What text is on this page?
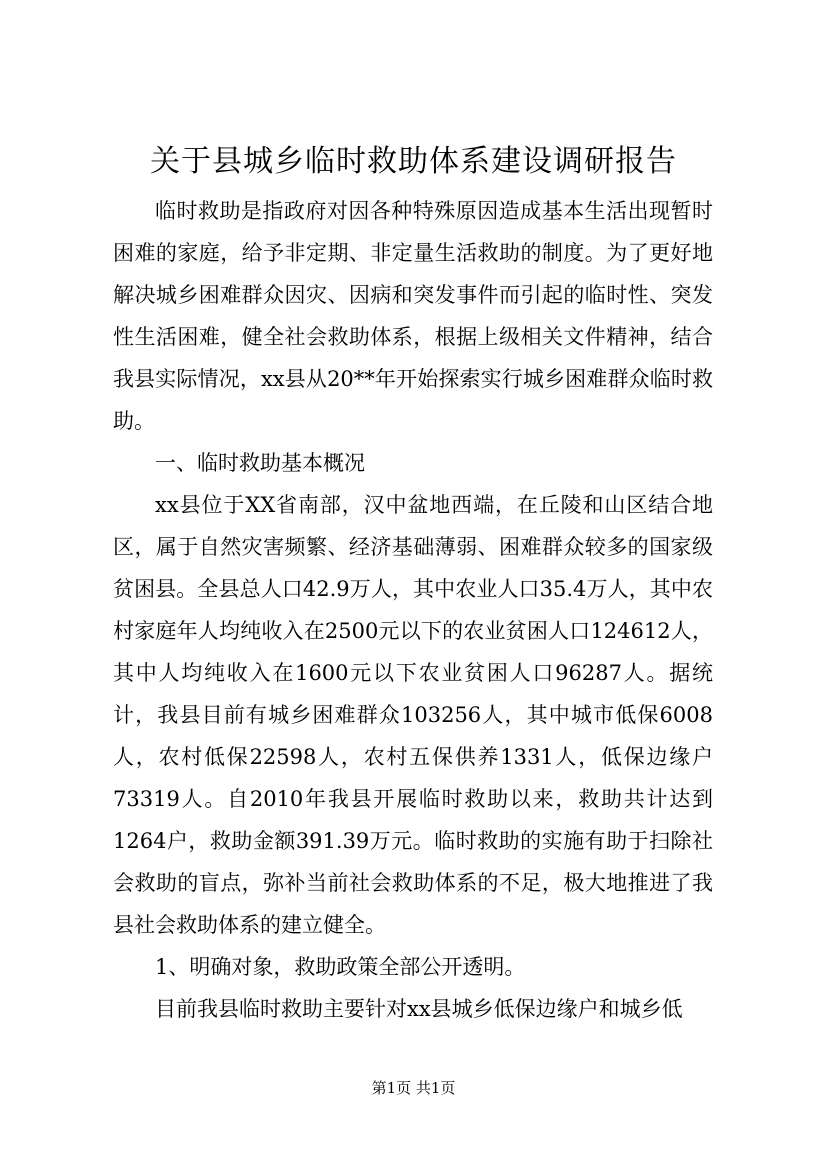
关于县城乡临时救助体系建设调研报告

临时救助是指政府对因各种特殊原因造成基本生活出现暂时困难的家庭，给予非定期、非定量生活救助的制度。为了更好地解决城乡困难群众因灾、因病和突发事件而引起的临时性、突发性生活困难，健全社会救助体系，根据上级相关文件精神，结合我县实际情况，xx县从20**年开始探索实行城乡困难群众临时救助。

一、临时救助基本概况

xx县位于XX省南部，汉中盆地西端，在丘陵和山区结合地区，属于自然灾害频繁、经济基础薄弱、困难群众较多的国家级贫困县。全县总人口42.9万人，其中农业人口35.4万人，其中农村家庭年人均纯收入在2500元以下的农业贫困人口124612人，其中人均纯收入在1600元以下农业贫困人口96287人。据统计，我县目前有城乡困难群众103256人，其中城市低保6008人，农村低保22598人，农村五保供养1331人，低保边缘户73319人。自2010年我县开展临时救助以来，救助共计达到1264户，救助金额391.39万元。临时救助的实施有助于扫除社会救助的盲点，弥补当前社会救助体系的不足，极大地推进了我县社会救助体系的建立健全。

1、明确对象，救助政策全部公开透明。

目前我县临时救助主要针对xx县城乡低保边缘户和城乡低

第1页 共1页
